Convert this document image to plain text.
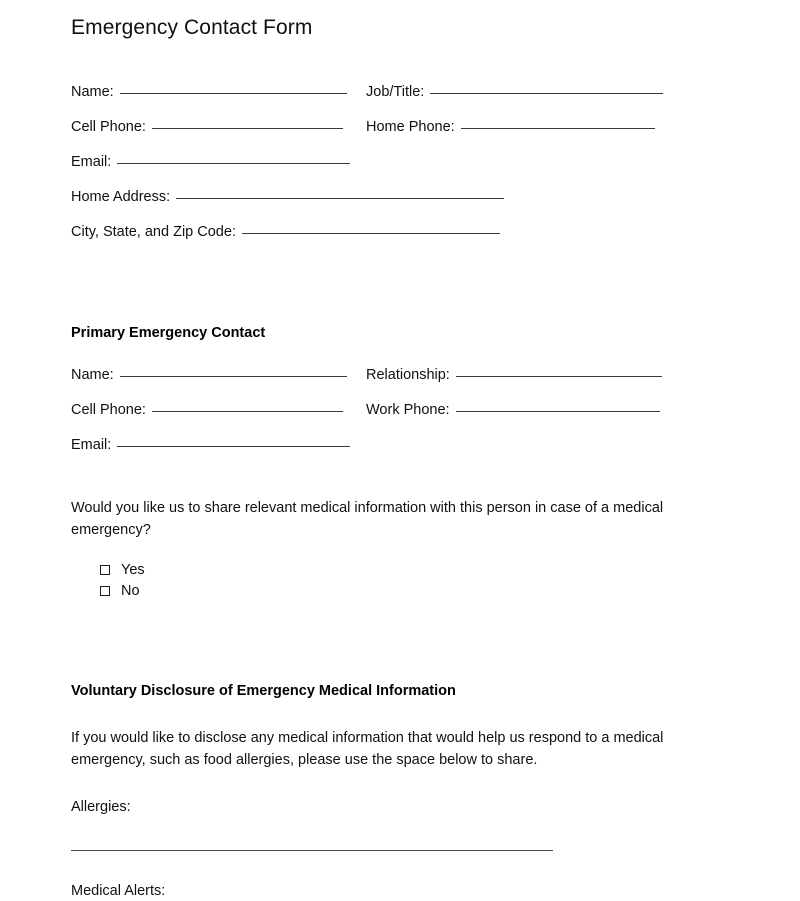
Emergency Contact Form
Name:	Job/Title:
Cell Phone:	Home Phone:
Email:
Home Address:
City, State, and Zip Code:
Primary Emergency Contact
Name:	Relationship:
Cell Phone:	Work Phone:
Email:
Would you like us to share relevant medical information with this person in case of a medical emergency?
Yes
No
Voluntary Disclosure of Emergency Medical Information
If you would like to disclose any medical information that would help us respond to a medical emergency, such as food allergies, please use the space below to share.
Allergies:
Medical Alerts:
